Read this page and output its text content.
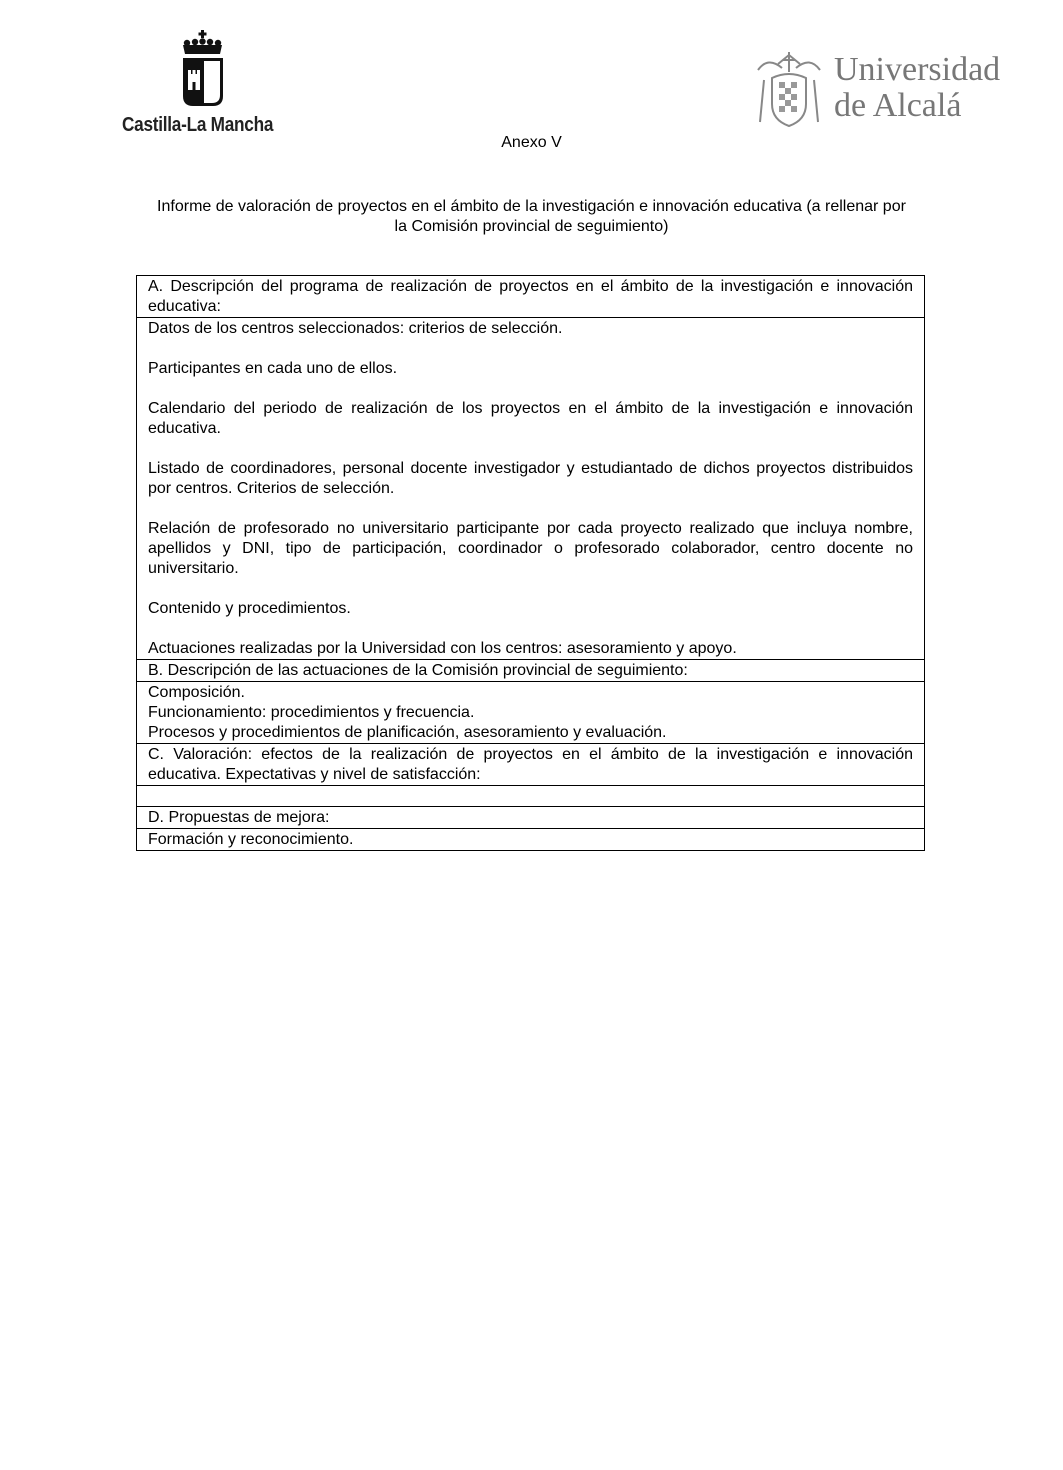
Castilla-La Mancha
Universidad
de Alcalá
Anexo V
Informe de valoración de proyectos en el ámbito de la investigación e innovación educativa (a rellenar por la Comisión provincial de seguimiento)
A. Descripción del programa de realización de proyectos en el ámbito de la investigación e innovación educativa:

Datos de los centros seleccionados: criterios de selección.
Participantes en cada uno de ellos.
Calendario del periodo de realización de los proyectos en el ámbito de la investigación e innovación educativa.
Listado de coordinadores, personal docente investigador y estudiantado de dichos proyectos distribuidos por centros. Criterios de selección.
Relación de profesorado no universitario participante por cada proyecto realizado que incluya nombre, apellidos y DNI, tipo de participación, coordinador o profesorado colaborador, centro docente no universitario.
Contenido y procedimientos.
Actuaciones realizadas por la Universidad con los centros: asesoramiento y apoyo.

B. Descripción de las actuaciones de la Comisión provincial de seguimiento:

Composición.
Funcionamiento: procedimientos y frecuencia.
Procesos y procedimientos de planificación, asesoramiento y evaluación.

C. Valoración: efectos de la realización de proyectos en el ámbito de la investigación e innovación educativa. Expectativas y nivel de satisfacción:

D. Propuestas de mejora:

Formación y reconocimiento.
